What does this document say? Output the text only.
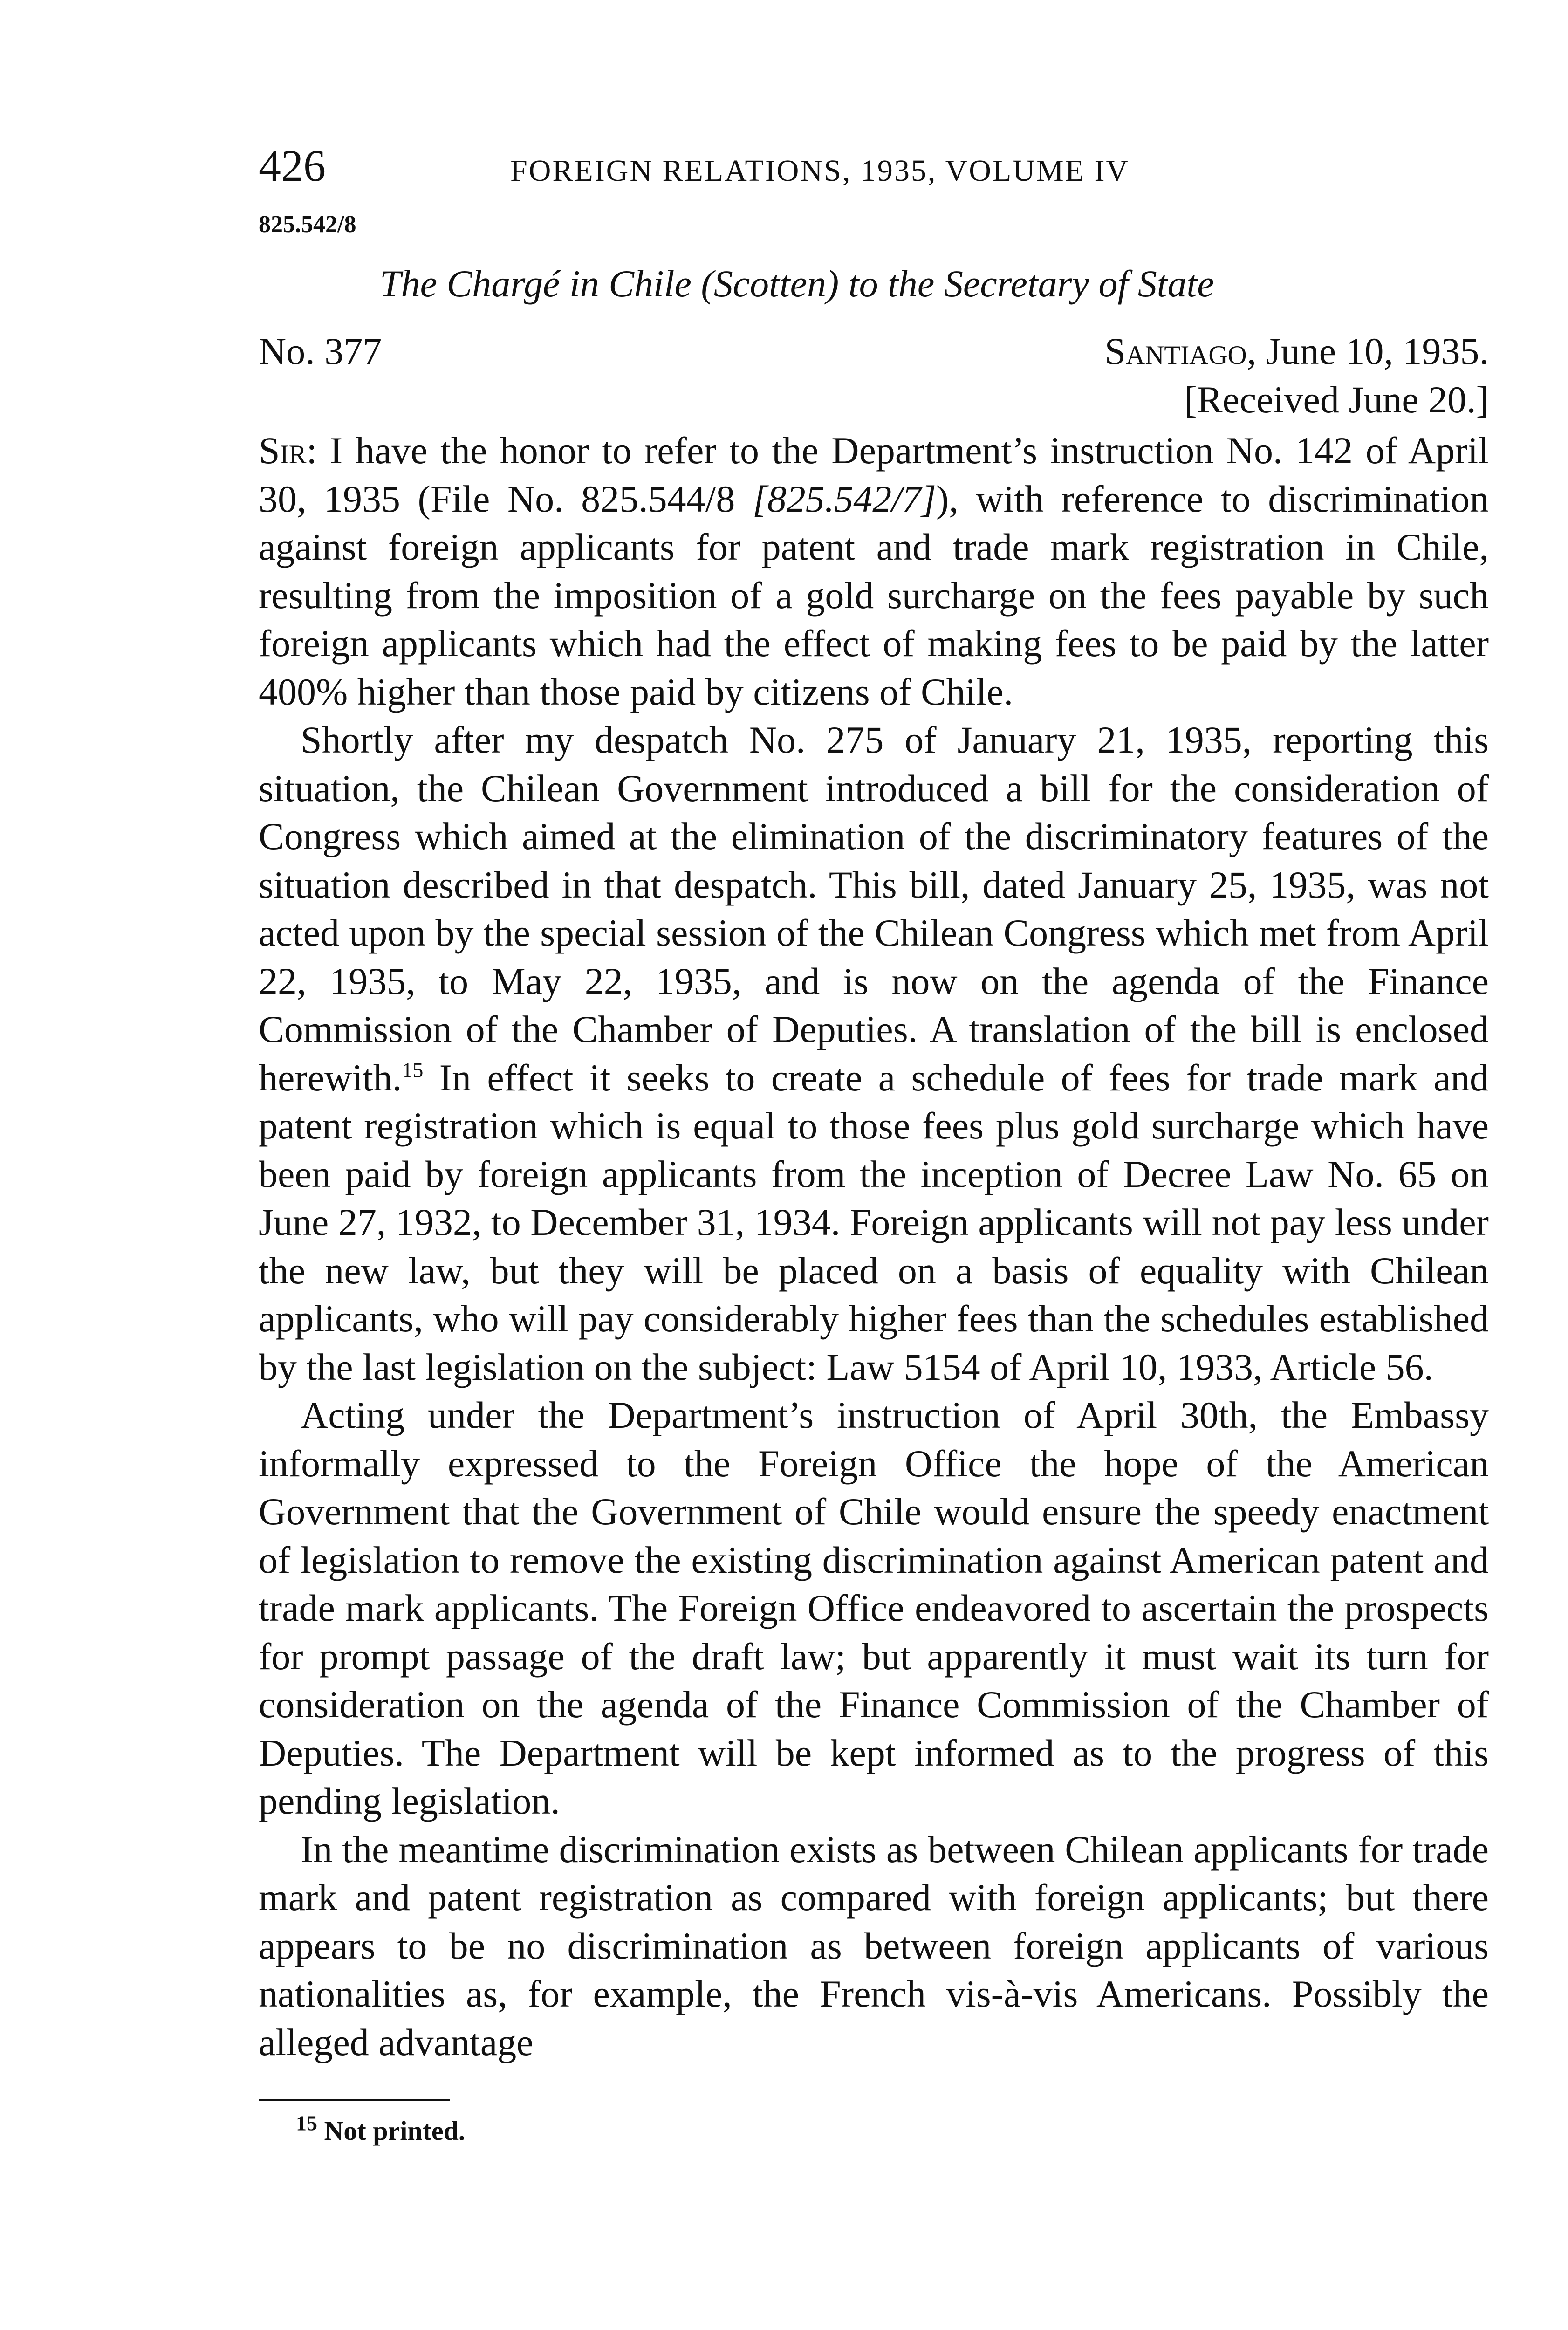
426	FOREIGN RELATIONS, 1935, VOLUME IV
825.542/8
The Chargé in Chile (Scotten) to the Secretary of State
No. 377	Santiago, June 10, 1935.
[Received June 20.]

Sir: I have the honor to refer to the Department’s instruction No. 142 of April 30, 1935 (File No. 825.544/8 [825.542/7]), with reference to discrimination against foreign applicants for patent and trade mark registration in Chile, resulting from the imposition of a gold surcharge on the fees payable by such foreign applicants which had the effect of making fees to be paid by the latter 400% higher than those paid by citizens of Chile.

Shortly after my despatch No. 275 of January 21, 1935, reporting this situation, the Chilean Government introduced a bill for the consideration of Congress which aimed at the elimination of the discriminatory features of the situation described in that despatch. This bill, dated January 25, 1935, was not acted upon by the special session of the Chilean Congress which met from April 22, 1935, to May 22, 1935, and is now on the agenda of the Finance Commission of the Chamber of Deputies. A translation of the bill is enclosed herewith.$^{15}$ In effect it seeks to create a schedule of fees for trade mark and patent registration which is equal to those fees plus gold surcharge which have been paid by foreign applicants from the inception of Decree Law No. 65 on June 27, 1932, to December 31, 1934. Foreign applicants will not pay less under the new law, but they will be placed on a basis of equality with Chilean applicants, who will pay considerably higher fees than the schedules established by the last legislation on the subject: Law 5154 of April 10, 1933, Article 56.

Acting under the Department’s instruction of April 30th, the Embassy informally expressed to the Foreign Office the hope of the American Government that the Government of Chile would ensure the speedy enactment of legislation to remove the existing discrimination against American patent and trade mark applicants. The Foreign Office endeavored to ascertain the prospects for prompt passage of the draft law; but apparently it must wait its turn for consideration on the agenda of the Finance Commission of the Chamber of Deputies. The Department will be kept informed as to the progress of this pending legislation.

In the meantime discrimination exists as between Chilean applicants for trade mark and patent registration as compared with foreign applicants; but there appears to be no discrimination as between foreign applicants of various nationalities as, for example, the French vis-à-vis Americans. Possibly the alleged advantage

$^{15}$ Not printed.
